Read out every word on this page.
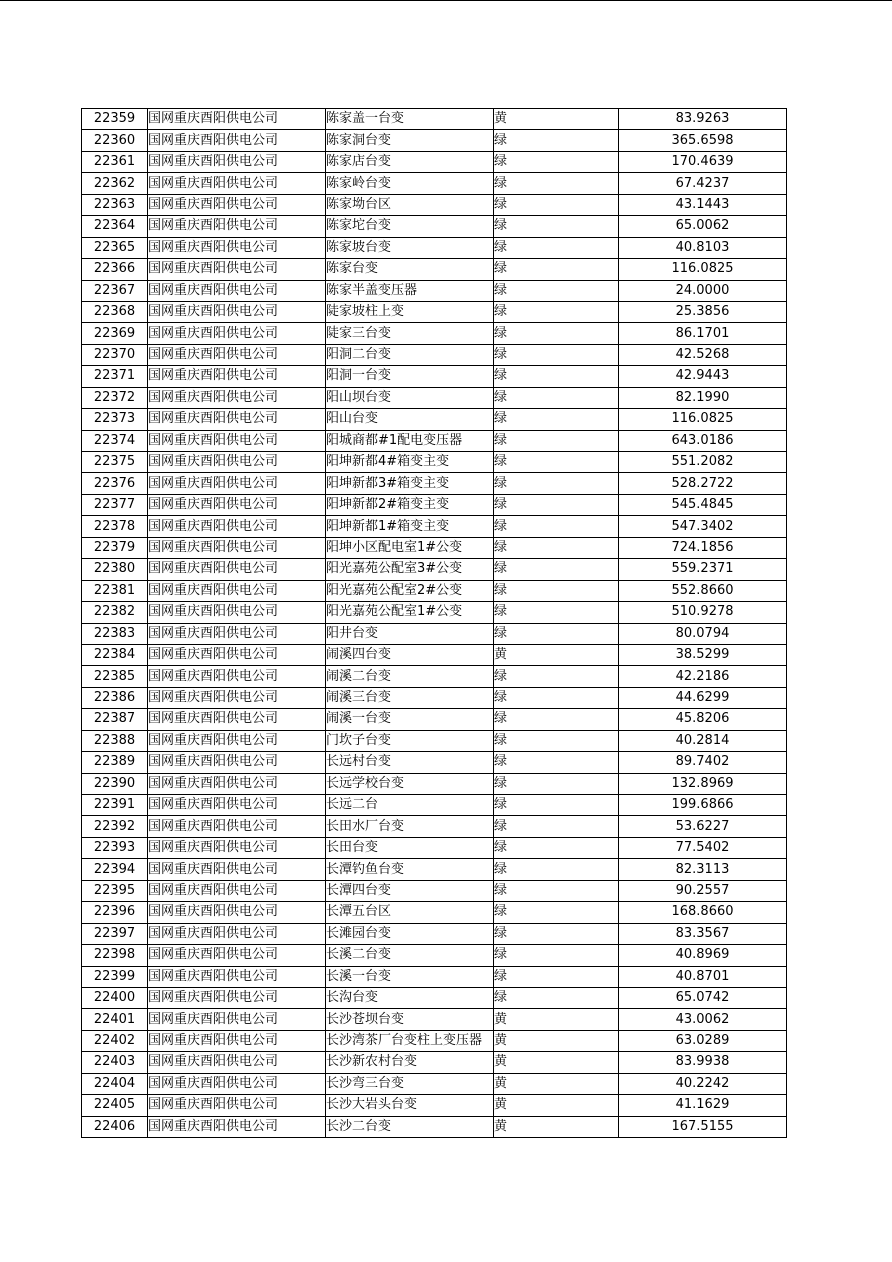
22359	国网重庆酉阳供电公司	陈家盖一台变	黄	83.9263
22360	国网重庆酉阳供电公司	陈家洞台变	绿	365.6598
22361	国网重庆酉阳供电公司	陈家店台变	绿	170.4639
22362	国网重庆酉阳供电公司	陈家岭台变	绿	67.4237
22363	国网重庆酉阳供电公司	陈家坳台区	绿	43.1443
22364	国网重庆酉阳供电公司	陈家坨台变	绿	65.0062
22365	国网重庆酉阳供电公司	陈家坡台变	绿	40.8103
22366	国网重庆酉阳供电公司	陈家台变	绿	116.0825
22367	国网重庆酉阳供电公司	陈家半盖变压器	绿	24.0000
22368	国网重庆酉阳供电公司	陡家坡柱上变	绿	25.3856
22369	国网重庆酉阳供电公司	陡家三台变	绿	86.1701
22370	国网重庆酉阳供电公司	阳洞二台变	绿	42.5268
22371	国网重庆酉阳供电公司	阳洞一台变	绿	42.9443
22372	国网重庆酉阳供电公司	阳山坝台变	绿	82.1990
22373	国网重庆酉阳供电公司	阳山台变	绿	116.0825
22374	国网重庆酉阳供电公司	阳城商都#1配电变压器	绿	643.0186
22375	国网重庆酉阳供电公司	阳坤新都4#箱变主变	绿	551.2082
22376	国网重庆酉阳供电公司	阳坤新都3#箱变主变	绿	528.2722
22377	国网重庆酉阳供电公司	阳坤新都2#箱变主变	绿	545.4845
22378	国网重庆酉阳供电公司	阳坤新都1#箱变主变	绿	547.3402
22379	国网重庆酉阳供电公司	阳坤小区配电室1#公变	绿	724.1856
22380	国网重庆酉阳供电公司	阳光嘉苑公配室3#公变	绿	559.2371
22381	国网重庆酉阳供电公司	阳光嘉苑公配室2#公变	绿	552.8660
22382	国网重庆酉阳供电公司	阳光嘉苑公配室1#公变	绿	510.9278
22383	国网重庆酉阳供电公司	阳井台变	绿	80.0794
22384	国网重庆酉阳供电公司	闹溪四台变	黄	38.5299
22385	国网重庆酉阳供电公司	闹溪二台变	绿	42.2186
22386	国网重庆酉阳供电公司	闹溪三台变	绿	44.6299
22387	国网重庆酉阳供电公司	闹溪一台变	绿	45.8206
22388	国网重庆酉阳供电公司	门坎子台变	绿	40.2814
22389	国网重庆酉阳供电公司	长远村台变	绿	89.7402
22390	国网重庆酉阳供电公司	长远学校台变	绿	132.8969
22391	国网重庆酉阳供电公司	长远二台	绿	199.6866
22392	国网重庆酉阳供电公司	长田水厂台变	绿	53.6227
22393	国网重庆酉阳供电公司	长田台变	绿	77.5402
22394	国网重庆酉阳供电公司	长潭钓鱼台变	绿	82.3113
22395	国网重庆酉阳供电公司	长潭四台变	绿	90.2557
22396	国网重庆酉阳供电公司	长潭五台区	绿	168.8660
22397	国网重庆酉阳供电公司	长滩园台变	绿	83.3567
22398	国网重庆酉阳供电公司	长溪二台变	绿	40.8969
22399	国网重庆酉阳供电公司	长溪一台变	绿	40.8701
22400	国网重庆酉阳供电公司	长沟台变	绿	65.0742
22401	国网重庆酉阳供电公司	长沙苍坝台变	黄	43.0062
22402	国网重庆酉阳供电公司	长沙湾茶厂台变柱上变压器	黄	63.0289
22403	国网重庆酉阳供电公司	长沙新农村台变	黄	83.9938
22404	国网重庆酉阳供电公司	长沙弯三台变	黄	40.2242
22405	国网重庆酉阳供电公司	长沙大岩头台变	黄	41.1629
22406	国网重庆酉阳供电公司	长沙二台变	黄	167.5155
